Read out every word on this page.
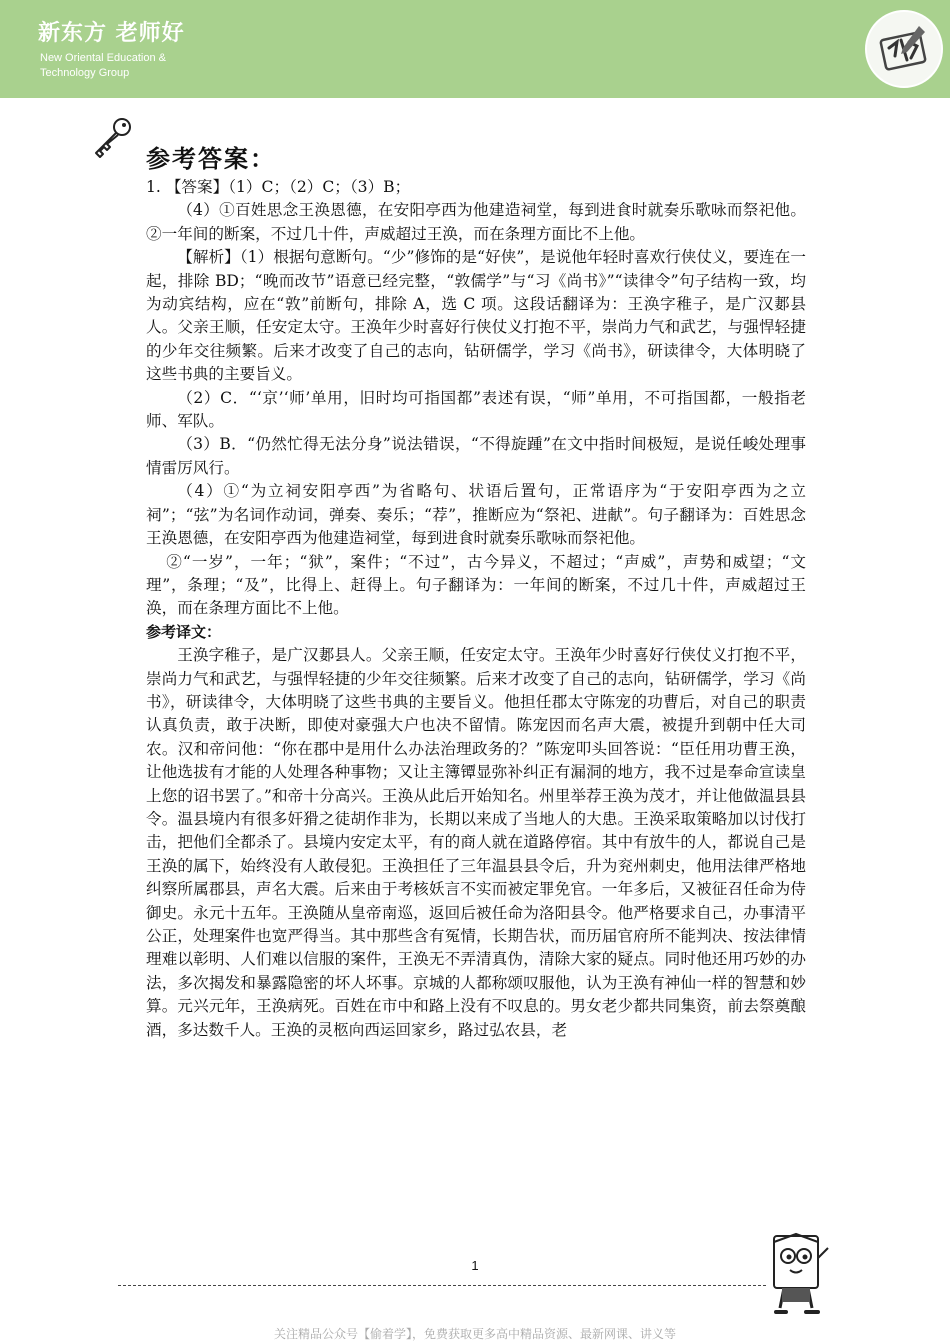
新东方 老师好
New Oriental Education &
Technology Group
参考答案：

1. 【答案】（1）C；（2）C；（3）B；

（4）①百姓思念王涣恩德，在安阳亭西为他建造祠堂，每到进食时就奏乐歌咏而祭祀他。②一年间的断案，不过几十件，声威超过王涣，而在条理方面比不上他。

【解析】（1）根据句意断句。“少”修饰的是“好侠”，是说他年轻时喜欢行侠仗义，要连在一起，排除 BD；“晚而改节”语意已经完整，“敦儒学”与“习《尚书》”“读律令”句子结构一致，均为动宾结构，应在“敦”前断句，排除 A，选 C 项。这段话翻译为：王涣字稚子，是广汉郪县人。父亲王顺，任安定太守。王涣年少时喜好行侠仗义打抱不平，崇尚力气和武艺，与强悍轻捷的少年交往频繁。后来才改变了自己的志向，钻研儒学，学习《尚书》，研读律令，大体明晓了这些书典的主要旨义。

（2）C．“‘京’‘师’单用，旧时均可指国都”表述有误，“师”单用，不可指国都，一般指老师、军队。

（3）B．“仍然忙得无法分身”说法错误，“不得旋踵”在文中指时间极短，是说任峻处理事情雷厉风行。

（4）①“为立祠安阳亭西”为省略句、状语后置句，正常语序为“于安阳亭西为之立祠”；“弦”为名词作动词，弹奏、奏乐；“荐”，推断应为“祭祀、进献”。句子翻译为：百姓思念王涣恩德，在安阳亭西为他建造祠堂，每到进食时就奏乐歌咏而祭祀他。

②“一岁”，一年；“狱”，案件；“不过”，古今异义，不超过；“声威”，声势和威望；“文理”，条理；“及”，比得上、赶得上。句子翻译为：一年间的断案，不过几十件，声威超过王涣，而在条理方面比不上他。

参考译文：

王涣字稚子，是广汉郪县人。父亲王顺，任安定太守。王涣年少时喜好行侠仗义打抱不平，崇尚力气和武艺，与强悍轻捷的少年交往频繁。后来才改变了自己的志向，钻研儒学，学习《尚书》，研读律令，大体明晓了这些书典的主要旨义。他担任郡太守陈宠的功曹后，对自己的职责认真负责，敢于决断，即使对豪强大户也决不留情。陈宠因而名声大震，被提升到朝中任大司农。汉和帝问他：“你在郡中是用什么办法治理政务的？”陈宠叩头回答说：“臣任用功曹王涣，让他选拔有才能的人处理各种事物；又让主簿镡显弥补纠正有漏洞的地方，我不过是奉命宣读皇上您的诏书罢了。”和帝十分高兴。王涣从此后开始知名。州里举荐王涣为茂才，并让他做温县县令。温县境内有很多奸猾之徒胡作非为，长期以来成了当地人的大患。王涣采取策略加以讨伐打击，把他们全都杀了。县境内安定太平，有的商人就在道路停宿。其中有放牛的人，都说自己是王涣的属下，始终没有人敢侵犯。王涣担任了三年温县县令后，升为兖州刺史，他用法律严格地纠察所属郡县，声名大震。后来由于考核妖言不实而被定罪免官。一年多后，又被征召任命为侍御史。永元十五年。王涣随从皇帝南巡，返回后被任命为洛阳县令。他严格要求自己，办事清平公正，处理案件也宽严得当。其中那些含有冤情，长期告状，而历届官府所不能判决、按法律情理难以彰明、人们难以信服的案件，王涣无不弄清真伪，清除大家的疑点。同时他还用巧妙的办法，多次揭发和暴露隐密的坏人坏事。京城的人都称颂叹服他，认为王涣有神仙一样的智慧和妙算。元兴元年，王涣病死。百姓在市中和路上没有不叹息的。男女老少都共同集资，前去祭奠酿酒，多达数千人。王涣的灵柩向西运回家乡，路过弘农县，老

1
关注精品公众号【偷着学】，免费获取更多高中精品资源、最新网课、讲义等
